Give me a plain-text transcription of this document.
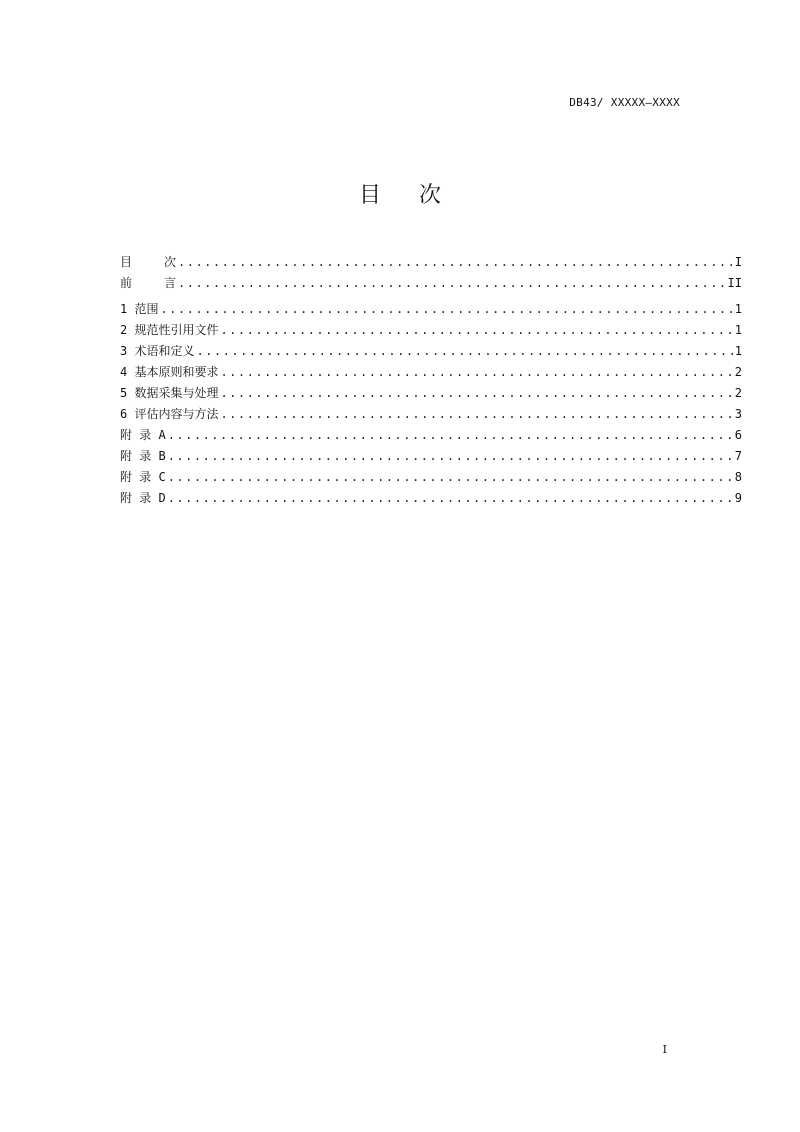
DB43/ XXXXX—XXXX
目次
目	次 .....	I
前	言 .....	II
1 范围 .....	1
2 规范性引用文件 .....	1
3 术语和定义 .....	1
4 基本原则和要求 .....	2
5 数据采集与处理 .....	2
6 评估内容与方法 .....	3
附 录 A .....	6
附 录 B .....	7
附 录 C .....	8
附 录 D .....	9
I
